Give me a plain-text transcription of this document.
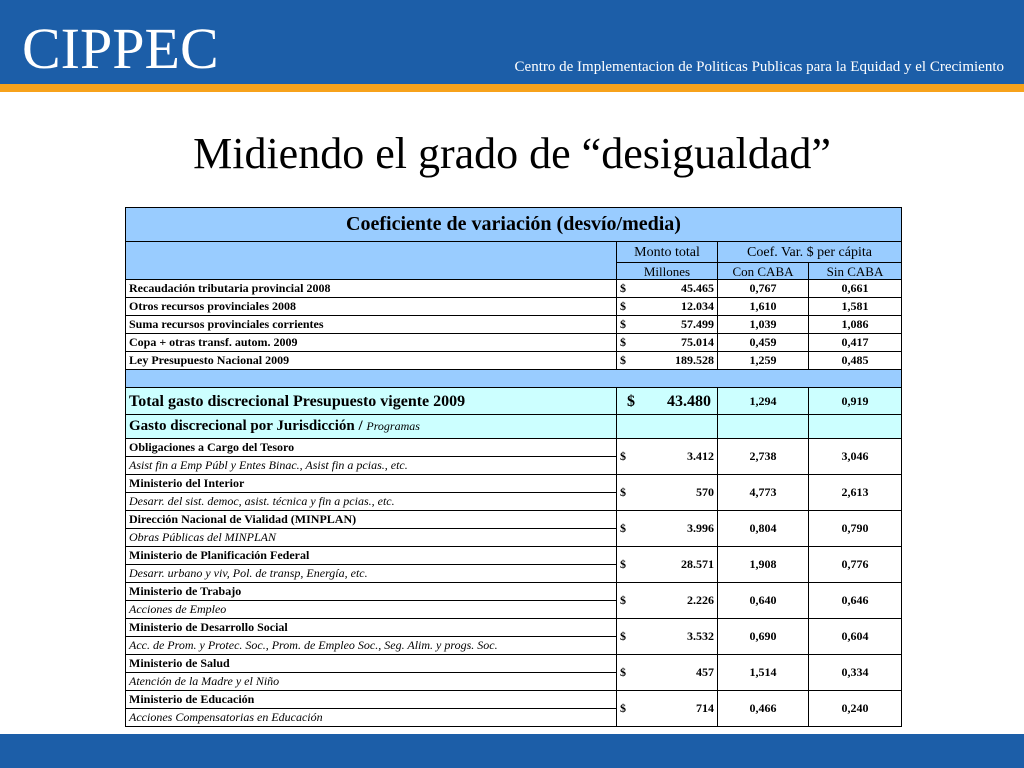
CIPPEC	Centro de Implementacion de Politicas Publicas para la Equidad y el Crecimiento
Midiendo el grado de “desigualdad”
Coeficiente de variación (desvío/media)			
	Monto total	Coef. Var. $ per cápita	
	Millones	Con CABA	Sin CABA
Recaudación tributaria provincial 2008	$ 45.465	0,767	0,661
Otros recursos provinciales 2008	$ 12.034	1,610	1,581
Suma recursos provinciales corrientes	$ 57.499	1,039	1,086
Copa + otras transf. autom. 2009	$ 75.014	0,459	0,417
Ley Presupuesto Nacional 2009	$ 189.528	1,259	0,485

Total gasto discrecional Presupuesto vigente 2009	$ 43.480	1,294	0,919
Gasto discrecional por Jurisdicción / Programas			
Obligaciones a Cargo del Tesoro	$ 3.412	2,738	3,046
Asist fin a Emp Públ y Entes Binac., Asist fin a pcias., etc.			
Ministerio del Interior	$ 570	4,773	2,613
Desarr. del sist. democ, asist. técnica y fin a pcias., etc.			
Dirección Nacional de Vialidad (MINPLAN)	$ 3.996	0,804	0,790
Obras Públicas del MINPLAN			
Ministerio de Planificación Federal	$ 28.571	1,908	0,776
Desarr. urbano y viv, Pol. de transp, Energía, etc.			
Ministerio de Trabajo	$ 2.226	0,640	0,646
Acciones de Empleo			
Ministerio de Desarrollo Social	$ 3.532	0,690	0,604
Acc. de Prom. y Protec. Soc., Prom. de Empleo Soc., Seg. Alim. y progs. Soc.			
Ministerio de Salud	$ 457	1,514	0,334
Atención de la Madre y el Niño			
Ministerio de Educación	$ 714	0,466	0,240
Acciones Compensatorias en Educación			
